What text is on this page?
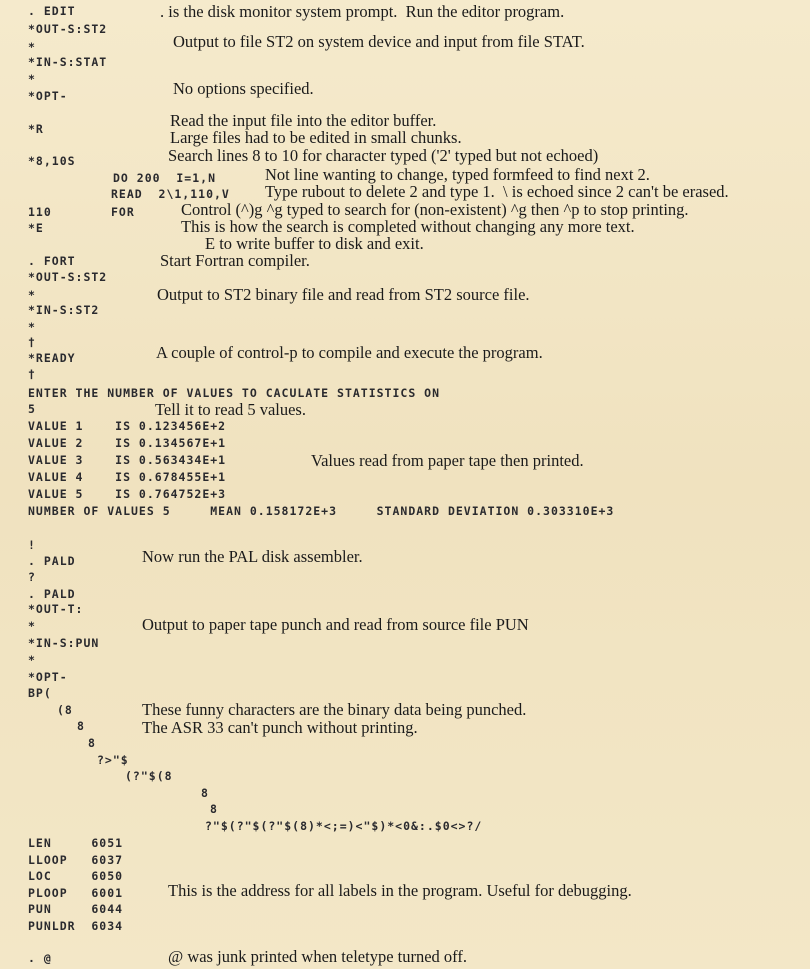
. EDIT
*OUT-S:ST2
*
*IN-S:STAT
*
*OPT-
*R
*8,10S
DO 200  I=1,N
READ  2\1,110,V
110	FOR
*E
. FORT
*OUT-S:ST2
*
*IN-S:ST2
*
†
*READY
†
ENTER THE NUMBER OF VALUES TO CACULATE STATISTICS ON
5
VALUE 1    IS 0.123456E+2
VALUE 2    IS 0.134567E+1
VALUE 3    IS 0.563434E+1
VALUE 4    IS 0.678455E+1
VALUE 5    IS 0.764752E+3
NUMBER OF VALUES 5     MEAN 0.158172E+3     STANDARD DEVIATION 0.303310E+3
!
. PALD
?
. PALD
*OUT-T:
*
*IN-S:PUN
*
*OPT-
BP(
(8
8
8
?>"$
(?"$(8
8
8
?"$(?"$(?"$(8)*<;=)<"$)*<0&:.$0<>?/
LEN     6051
LLOOP   6037
LOC     6050
PLOOP   6001
PUN     6044
PUNLDR  6034
. @
. is the disk monitor system prompt.  Run the editor program.
Output to file ST2 on system device and input from file STAT.
No options specified.
Read the input file into the editor buffer.
Large files had to be edited in small chunks.
Search lines 8 to 10 for character typed ('2' typed but not echoed)
Not line wanting to change, typed formfeed to find next 2.
Type rubout to delete 2 and type 1.  \ is echoed since 2 can't be erased.
Control (^)g ^g typed to search for (non-existent) ^g then ^p to stop printing.
This is how the search is completed without changing any more text.
E to write buffer to disk and exit.
Start Fortran compiler.
Output to ST2 binary file and read from ST2 source file.
A couple of control-p to compile and execute the program.
Tell it to read 5 values.
Values read from paper tape then printed.
Now run the PAL disk assembler.
Output to paper tape punch and read from source file PUN
These funny characters are the binary data being punched.
The ASR 33 can't punch without printing.
This is the address for all labels in the program. Useful for debugging.
@ was junk printed when teletype turned off.
